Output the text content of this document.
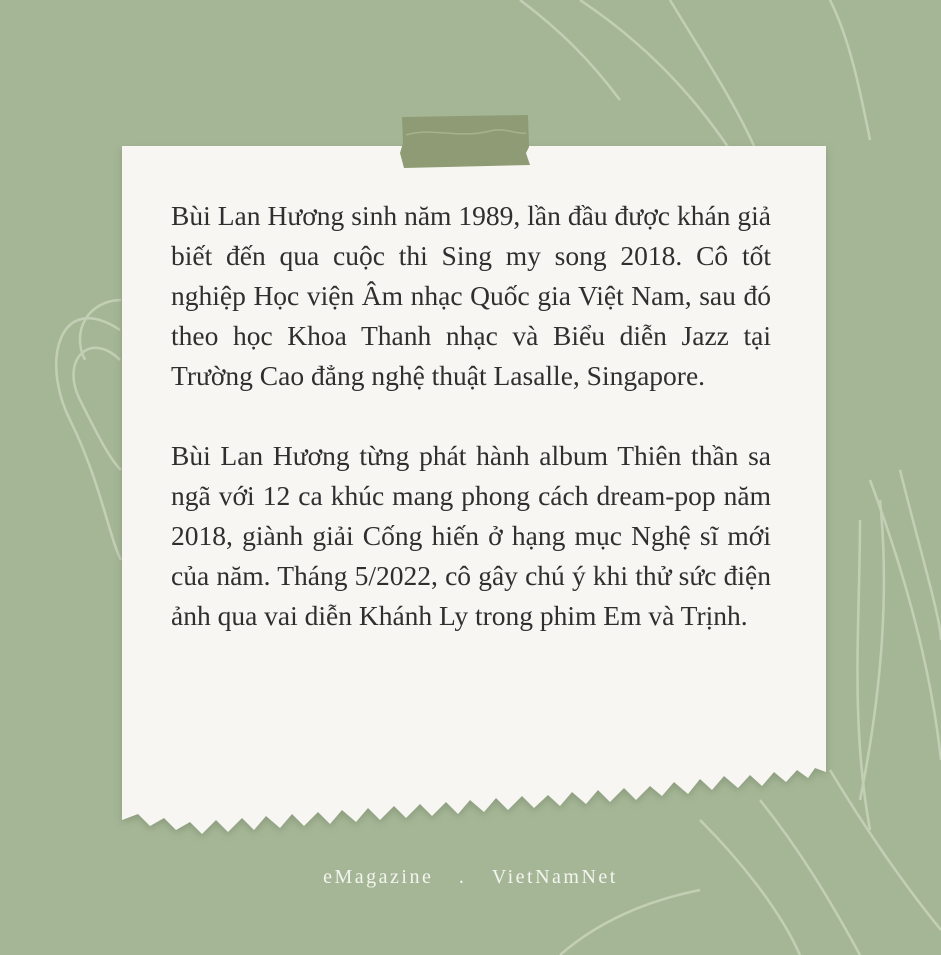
Bùi Lan Hương sinh năm 1989, lần đầu được khán giả biết đến qua cuộc thi Sing my song 2018. Cô tốt nghiệp Học viện Âm nhạc Quốc gia Việt Nam, sau đó theo học Khoa Thanh nhạc và Biểu diễn Jazz tại Trường Cao đẳng nghệ thuật Lasalle, Singapore.

Bùi Lan Hương từng phát hành album Thiên thần sa ngã với 12 ca khúc mang phong cách dream-pop năm 2018, giành giải Cống hiến ở hạng mục Nghệ sĩ mới của năm. Tháng 5/2022, cô gây chú ý khi thử sức điện ảnh qua vai diễn Khánh Ly trong phim Em và Trịnh.

eMagazine . VietNamNet
